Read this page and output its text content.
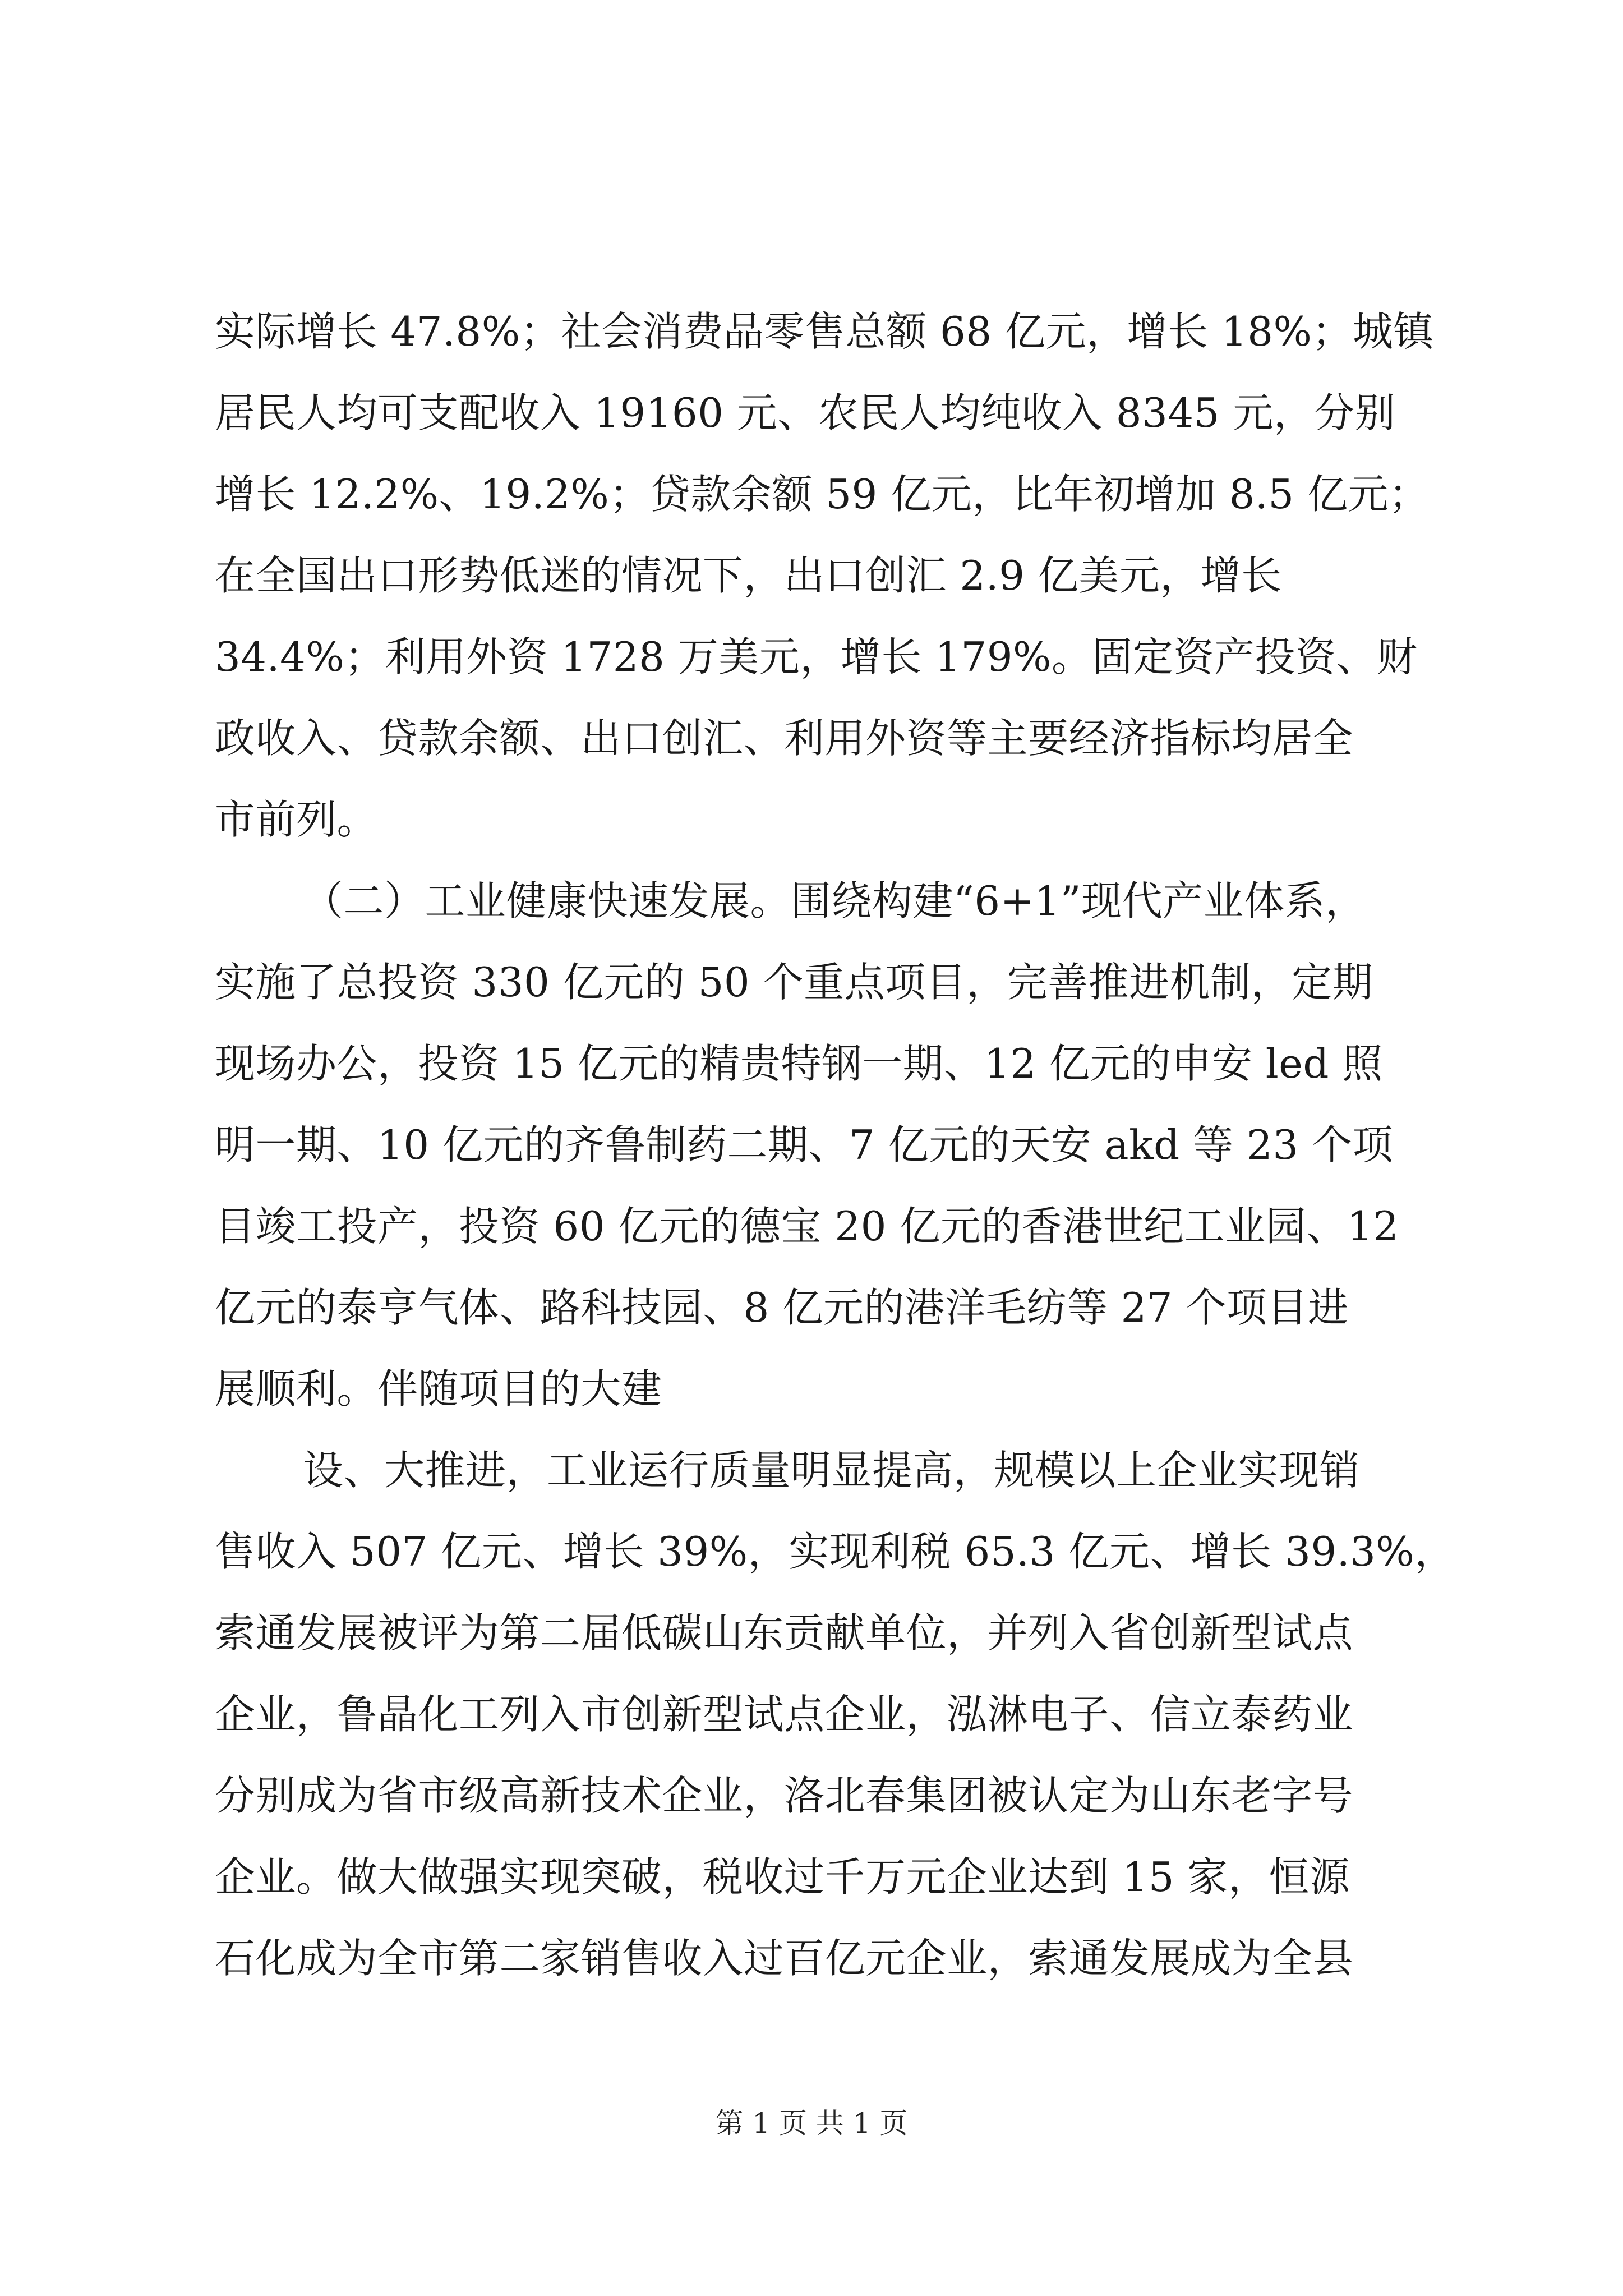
实际增长 47.8%；社会消费品零售总额 68 亿元，增长 18%；城镇
居民人均可支配收入 19160 元、农民人均纯收入 8345 元，分别
增长 12.2%、19.2%；贷款余额 59 亿元，比年初增加 8.5 亿元；
在全国出口形势低迷的情况下，出口创汇 2.9 亿美元，增长
34.4%；利用外资 1728 万美元，增长 179%。固定资产投资、财
政收入、贷款余额、出口创汇、利用外资等主要经济指标均居全
市前列。
（二）工业健康快速发展。围绕构建“6+1”现代产业体系，
实施了总投资 330 亿元的 50 个重点项目，完善推进机制，定期
现场办公，投资 15 亿元的精贵特钢一期、12 亿元的申安 led 照
明一期、10 亿元的齐鲁制药二期、7 亿元的天安 akd 等 23 个项
目竣工投产，投资 60 亿元的德宝 20 亿元的香港世纪工业园、12
亿元的泰亨气体、路科技园、8 亿元的港洋毛纺等 27 个项目进
展顺利。伴随项目的大建
设、大推进，工业运行质量明显提高，规模以上企业实现销
售收入 507 亿元、增长 39%，实现利税 65.3 亿元、增长 39.3%，
索通发展被评为第二届低碳山东贡献单位，并列入省创新型试点
企业，鲁晶化工列入市创新型试点企业，泓淋电子、信立泰药业
分别成为省市级高新技术企业，洛北春集团被认定为山东老字号
企业。做大做强实现突破，税收过千万元企业达到 15 家，恒源
石化成为全市第二家销售收入过百亿元企业，索通发展成为全县
第 1 页 共 1 页
